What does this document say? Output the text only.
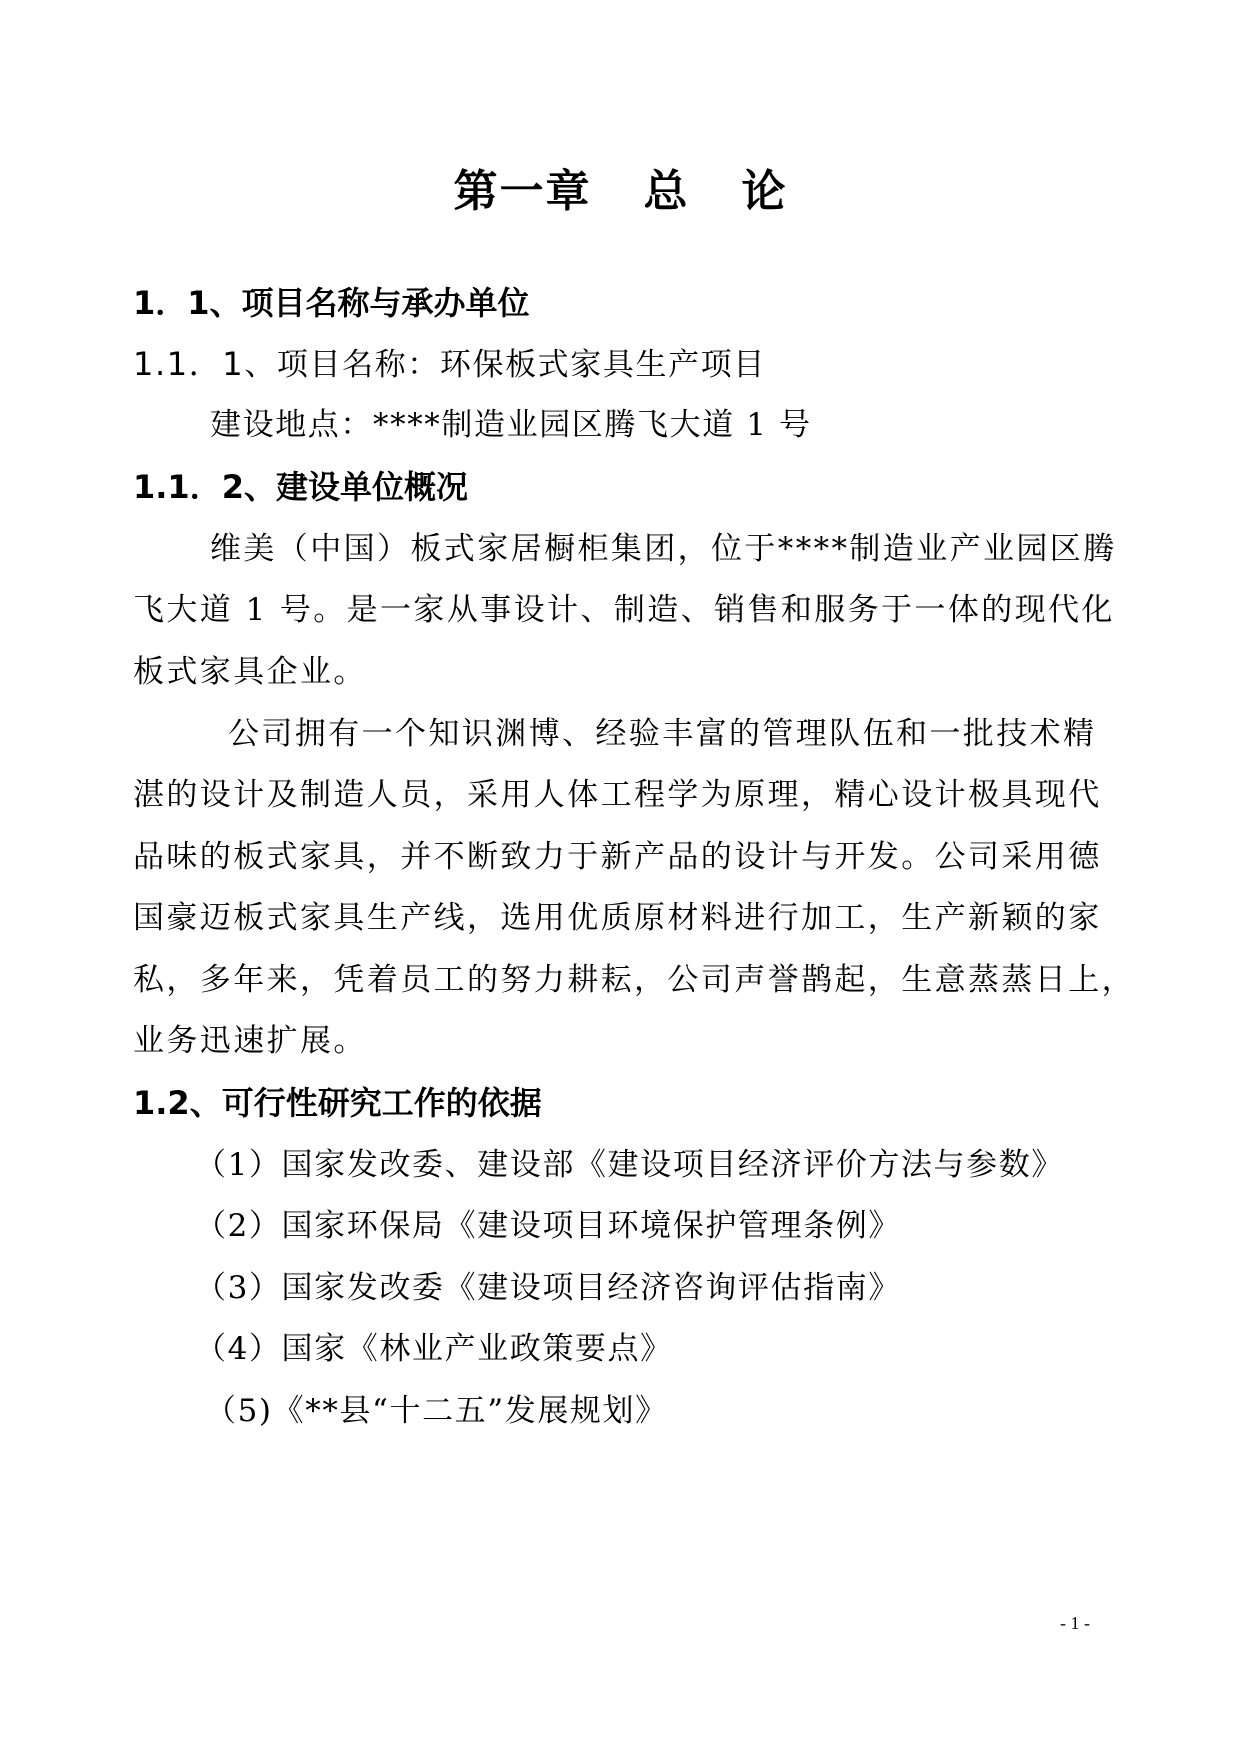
第一章   总   论
1．1、项目名称与承办单位
1.1．1、项目名称：环保板式家具生产项目
建设地点：****制造业园区腾飞大道 1 号
1.1．2、建设单位概况
维美（中国）板式家居橱柜集团，位于****制造业产业园区腾
飞大道 1 号。是一家从事设计、制造、销售和服务于一体的现代化
板式家具企业。
公司拥有一个知识渊博、经验丰富的管理队伍和一批技术精
湛的设计及制造人员，采用人体工程学为原理，精心设计极具现代
品味的板式家具，并不断致力于新产品的设计与开发。公司采用德
国豪迈板式家具生产线，选用优质原材料进行加工，生产新颖的家
私，多年来，凭着员工的努力耕耘，公司声誉鹊起，生意蒸蒸日上，
业务迅速扩展。
1.2、可行性研究工作的依据
（1）国家发改委、建设部《建设项目经济评价方法与参数》
（2）国家环保局《建设项目环境保护管理条例》
（3）国家发改委《建设项目经济咨询评估指南》
（4）国家《林业产业政策要点》
（5)《**县“十二五”发展规划》
- 1 -
